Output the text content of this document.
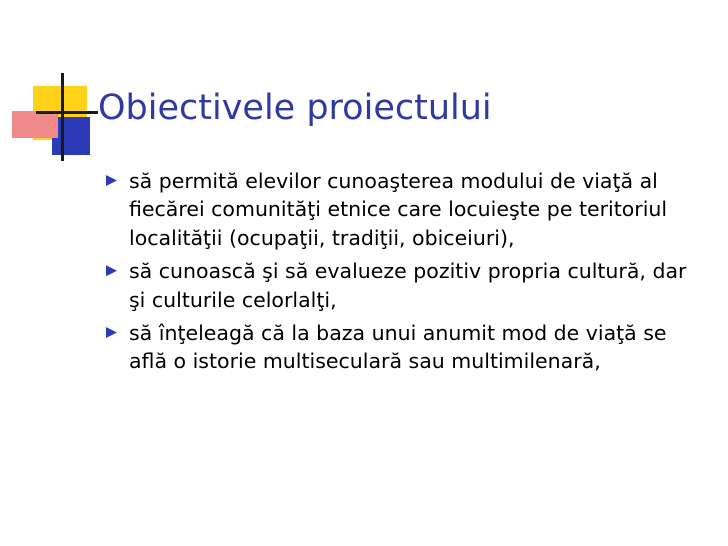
Obiectivele proiectului
să permită elevilor cunoaşterea modului de viaţă al fiecărei comunităţi etnice care locuieşte pe teritoriul localităţii (ocupaţii, tradiţii, obiceiuri),
să cunoască şi să evalueze pozitiv propria cultură, dar şi culturile celorlalţi,
să înţeleagă că la baza unui anumit mod de viaţă se află o istorie multiseculară sau multimilenară,
